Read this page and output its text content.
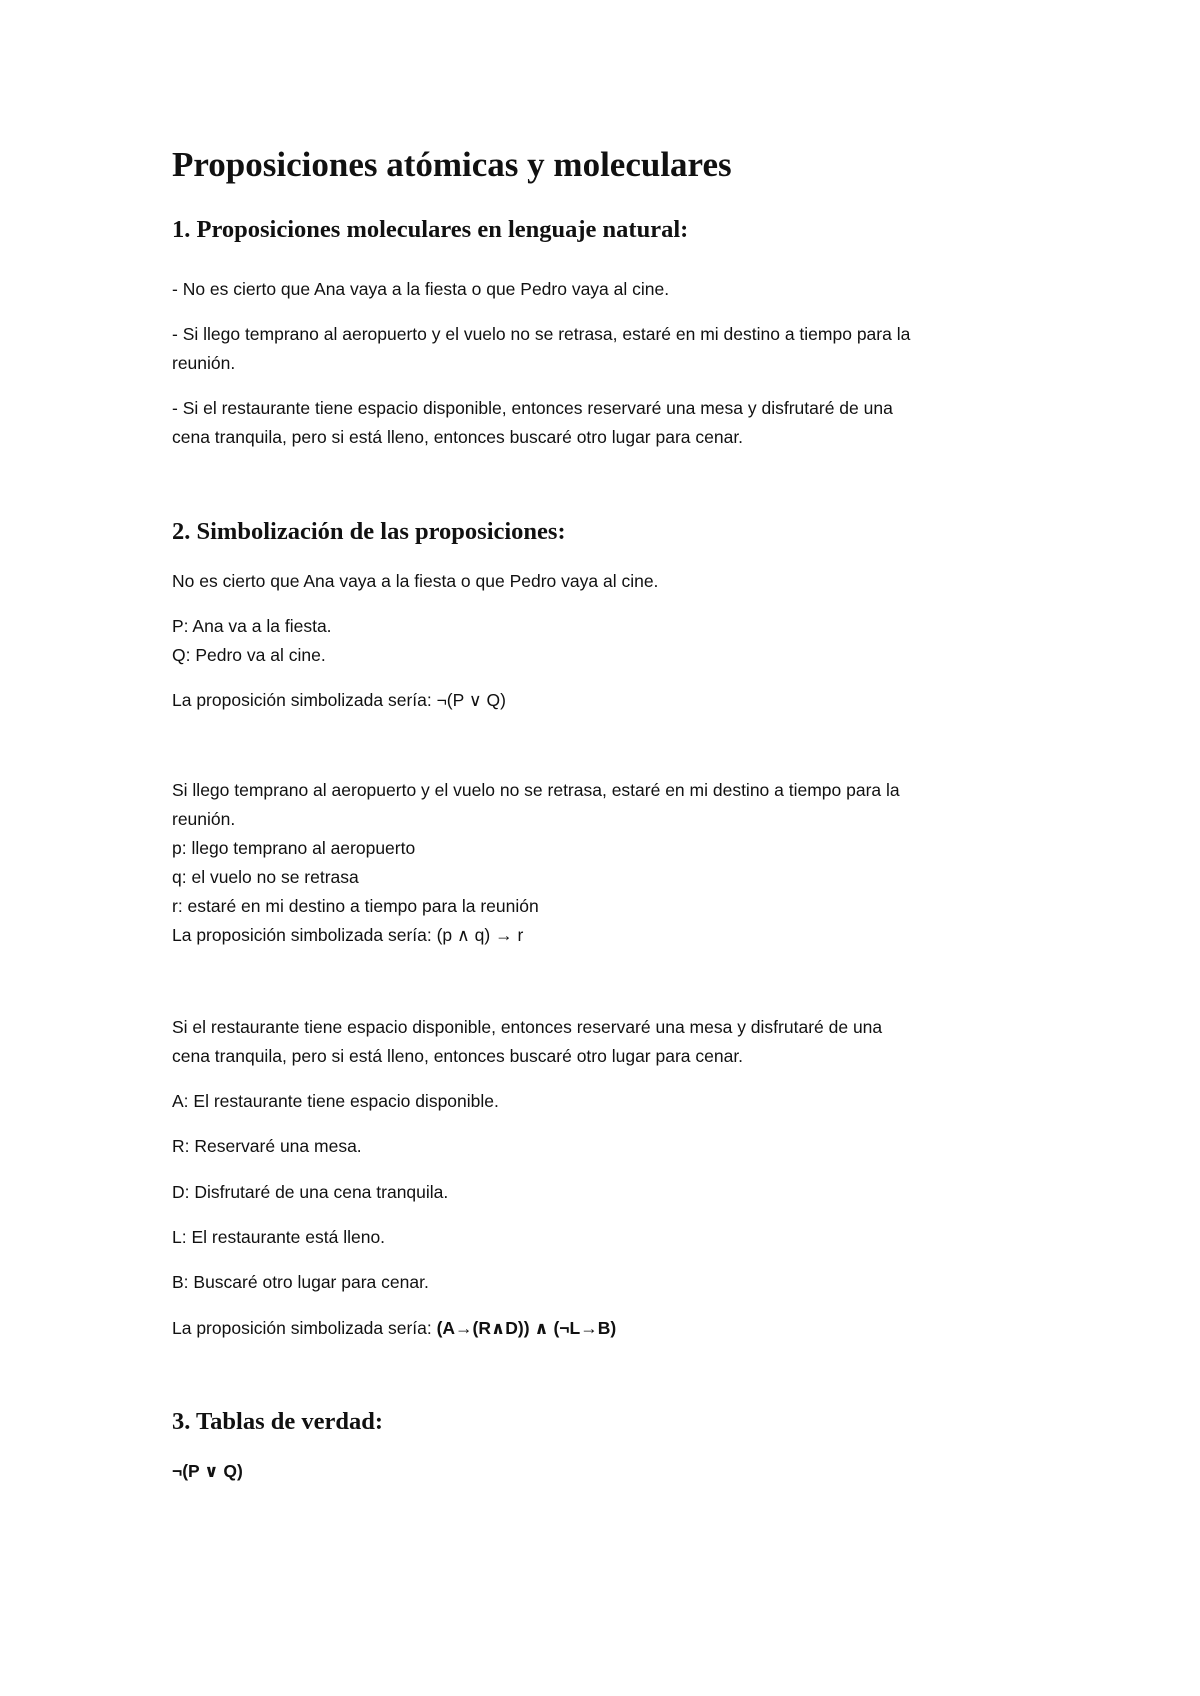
Proposiciones atómicas y moleculares
1. Proposiciones moleculares en lenguaje natural:
- No es cierto que Ana vaya a la fiesta o que Pedro vaya al cine.
- Si llego temprano al aeropuerto y el vuelo no se retrasa, estaré en mi destino a tiempo para la
reunión.
- Si el restaurante tiene espacio disponible, entonces reservaré una mesa y disfrutaré de una
cena tranquila, pero si está lleno, entonces buscaré otro lugar para cenar.
2. Simbolización de las proposiciones:
No es cierto que Ana vaya a la fiesta o que Pedro vaya al cine.
P: Ana va a la fiesta.
Q: Pedro va al cine.
La proposición simbolizada sería: ¬(P ∨ Q)
Si llego temprano al aeropuerto y el vuelo no se retrasa, estaré en mi destino a tiempo para la
reunión.
p: llego temprano al aeropuerto
q: el vuelo no se retrasa
r: estaré en mi destino a tiempo para la reunión
La proposición simbolizada sería: (p ∧ q) → r
Si el restaurante tiene espacio disponible, entonces reservaré una mesa y disfrutaré de una
cena tranquila, pero si está lleno, entonces buscaré otro lugar para cenar.
A: El restaurante tiene espacio disponible.
R: Reservaré una mesa.
D: Disfrutaré de una cena tranquila.
L: El restaurante está lleno.
B: Buscaré otro lugar para cenar.
La proposición simbolizada sería: (A→(R∧D)) ∧ (¬L→B)
3. Tablas de verdad:
¬(P ∨ Q)
